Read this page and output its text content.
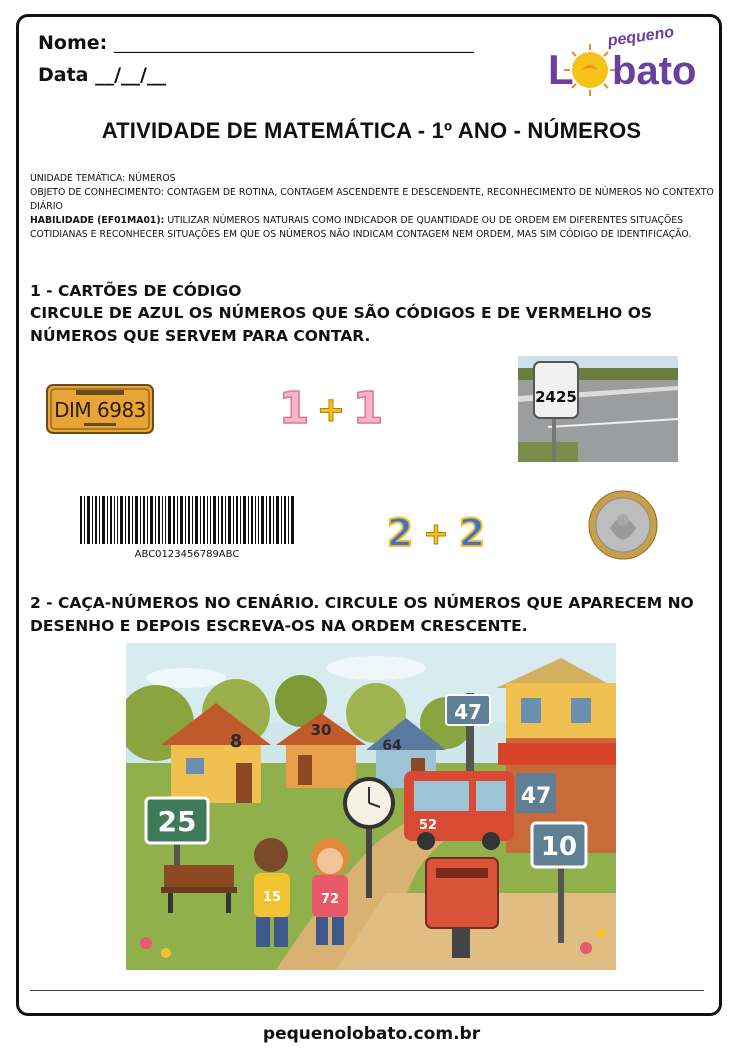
Nome: _____________________________________________
Data __/__/__
pequeno
L bato
ATIVIDADE DE MATEMÁTICA - 1º ANO - NÚMEROS
UNIDADE TEMÁTICA: NÚMEROS
OBJETO DE CONHECIMENTO: CONTAGEM DE ROTINA, CONTAGEM ASCENDENTE E DESCENDENTE, RECONHECIMENTO DE NÚMEROS NO CONTEXTO DIÁRIO
HABILIDADE (EF01MA01): UTILIZAR NÚMEROS NATURAIS COMO INDICADOR DE QUANTIDADE OU DE ORDEM EM DIFERENTES SITUAÇÕES COTIDIANAS E RECONHECER SITUAÇÕES EM QUE OS NÚMEROS NÃO INDICAM CONTAGEM NEM ORDEM, MAS SIM CÓDIGO DE IDENTIFICAÇÃO.
1 - CARTÕES DE CÓDIGO
CIRCULE DE AZUL OS NÚMEROS QUE SÃO CÓDIGOS E DE VERMELHO OS NÚMEROS QUE SERVEM PARA CONTAR.
DIM 6983	1 + 1	2425
ABC0123456789ABC	2 + 2
2 - CAÇA-NÚMEROS NO CENÁRIO. CIRCULE OS NÚMEROS QUE APARECEM NO DESENHO E DEPOIS ESCREVA-OS NA ORDEM CRESCENTE.
8
30
64
47
47
52
25
10
15	72
pequenolobato.com.br
